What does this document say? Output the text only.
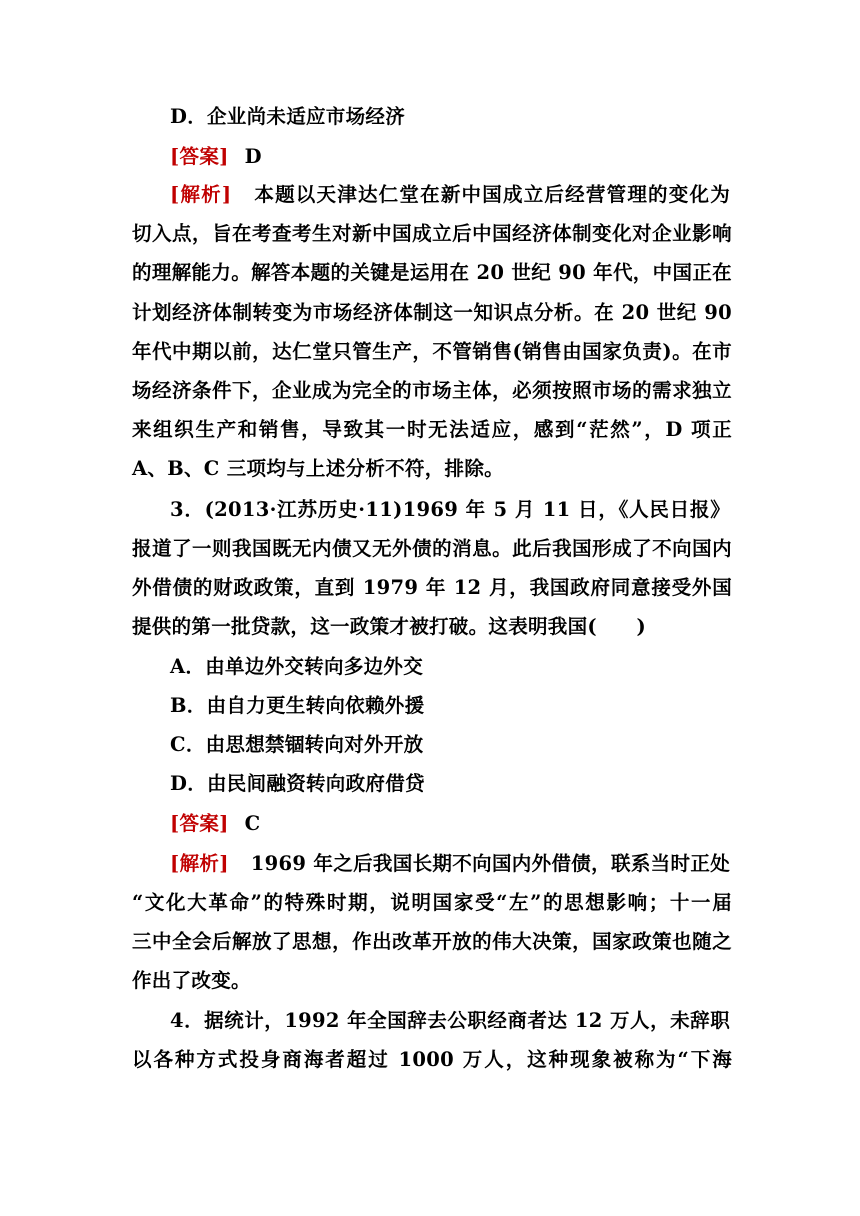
D．企业尚未适应市场经济
[答案] D
[解析] 本题以天津达仁堂在新中国成立后经营管理的变化为
切入点，旨在考查考生对新中国成立后中国经济体制变化对企业影响
的理解能力。解答本题的关键是运用在 20 世纪 90 年代，中国正在
计划经济体制转变为市场经济体制这一知识点分析。在 20 世纪 90
年代中期以前，达仁堂只管生产，不管销售(销售由国家负责)。在市
场经济条件下，企业成为完全的市场主体，必须按照市场的需求独立
来组织生产和销售，导致其一时无法适应，感到“茫然”，D 项正
A、B、C 三项均与上述分析不符，排除。
3．(2013·江苏历史·11)1969 年 5 月 11 日，《人民日报》
报道了一则我国既无内债又无外债的消息。此后我国形成了不向国内
外借债的财政政策，直到 1979 年 12 月，我国政府同意接受外国
提供的第一批贷款，这一政策才被打破。这表明我国(　　)
A．由单边外交转向多边外交
B．由自力更生转向依赖外援
C．由思想禁锢转向对外开放
D．由民间融资转向政府借贷
[答案] C
[解析] 1969 年之后我国长期不向国内外借债，联系当时正处
“文化大革命”的特殊时期，说明国家受“左”的思想影响；十一届
三中全会后解放了思想，作出改革开放的伟大决策，国家政策也随之
作出了改变。
4．据统计，1992 年全国辞去公职经商者达 12 万人，未辞职
以各种方式投身商海者超过 1000 万人，这种现象被称为“下海
